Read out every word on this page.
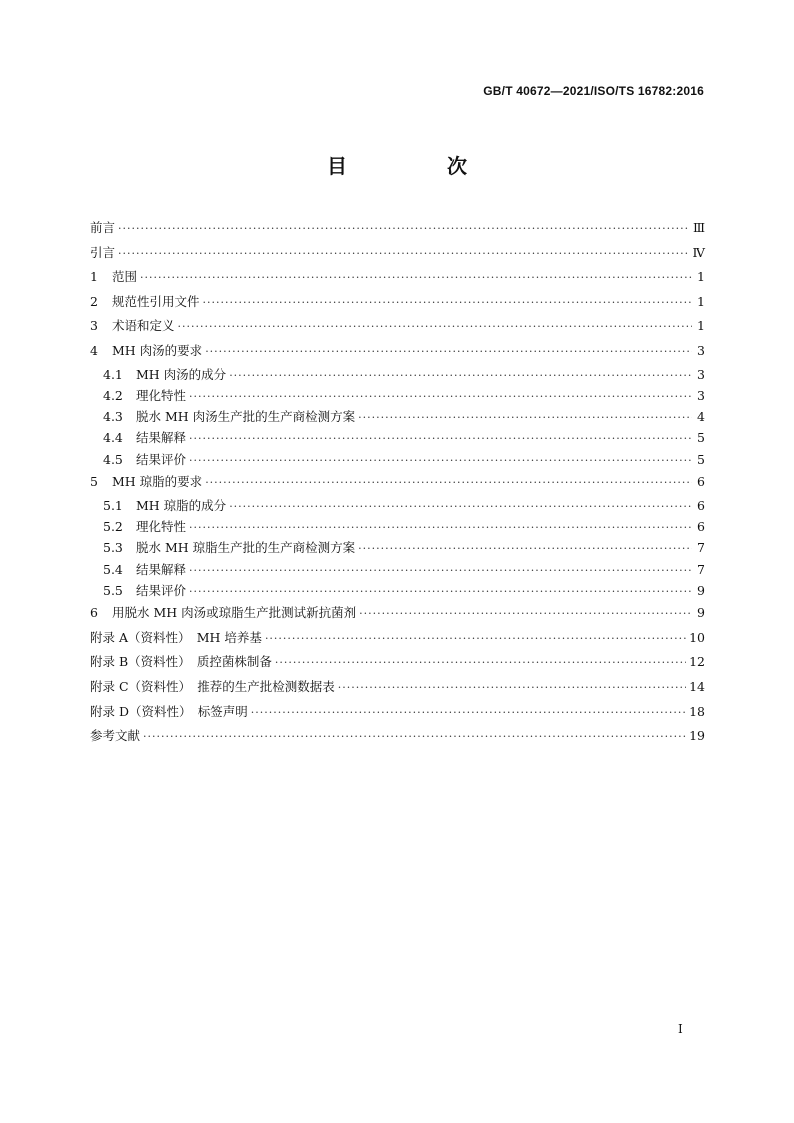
GB/T 40672—2021/ISO/TS 16782:2016
目　次
前言 ·····	Ⅲ
引言 ·····	Ⅳ
1	范围 ·····	1
2	规范性引用文件 ·····	1
3	术语和定义 ·····	1
4	MH 肉汤的要求 ·····	3
4.1	MH 肉汤的成分 ·····	3
4.2	理化特性 ·····	3
4.3	脱水 MH 肉汤生产批的生产商检测方案 ·····	4
4.4	结果解释 ·····	5
4.5	结果评价 ·····	5
5	MH 琼脂的要求 ·····	6
5.1	MH 琼脂的成分 ·····	6
5.2	理化特性 ·····	6
5.3	脱水 MH 琼脂生产批的生产商检测方案 ·····	7
5.4	结果解释 ·····	7
5.5	结果评价 ·····	9
6	用脱水 MH 肉汤或琼脂生产批测试新抗菌剂 ·····	9
附录 A（资料性）　MH 培养基 ·····	10
附录 B（资料性）　质控菌株制备 ·····	12
附录 C（资料性）　推荐的生产批检测数据表 ·····	14
附录 D（资料性）　标签声明 ·····	18
参考文献 ·····	19
Ⅰ
